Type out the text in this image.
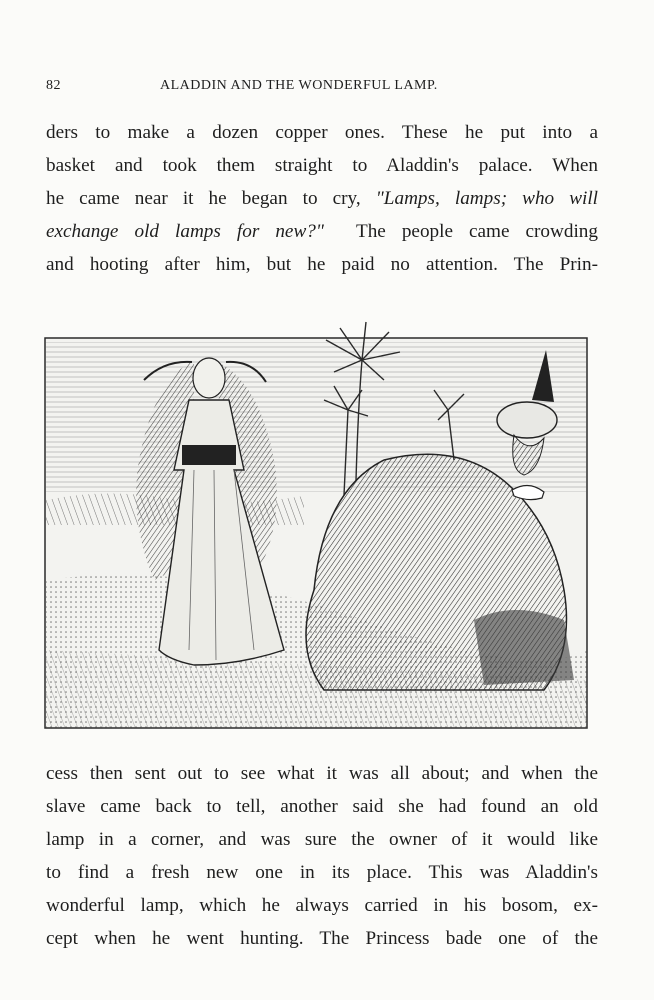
82	ALADDIN AND THE WONDERFUL LAMP.
ders to make a dozen copper ones. These he put into a
basket and took them straight to Aladdin's palace. When
he came near it he began to cry, "Lamps, lamps; who will
exchange old lamps for new?" The people came crowding
and hooting after him, but he paid no attention. The Prin-
cess then sent out to see what it was all about; and when the
slave came back to tell, another said she had found an old
lamp in a corner, and was sure the owner of it would like
to find a fresh new one in its place. This was Aladdin's
wonderful lamp, which he always carried in his bosom, ex-
cept when he went hunting. The Princess bade one of the
